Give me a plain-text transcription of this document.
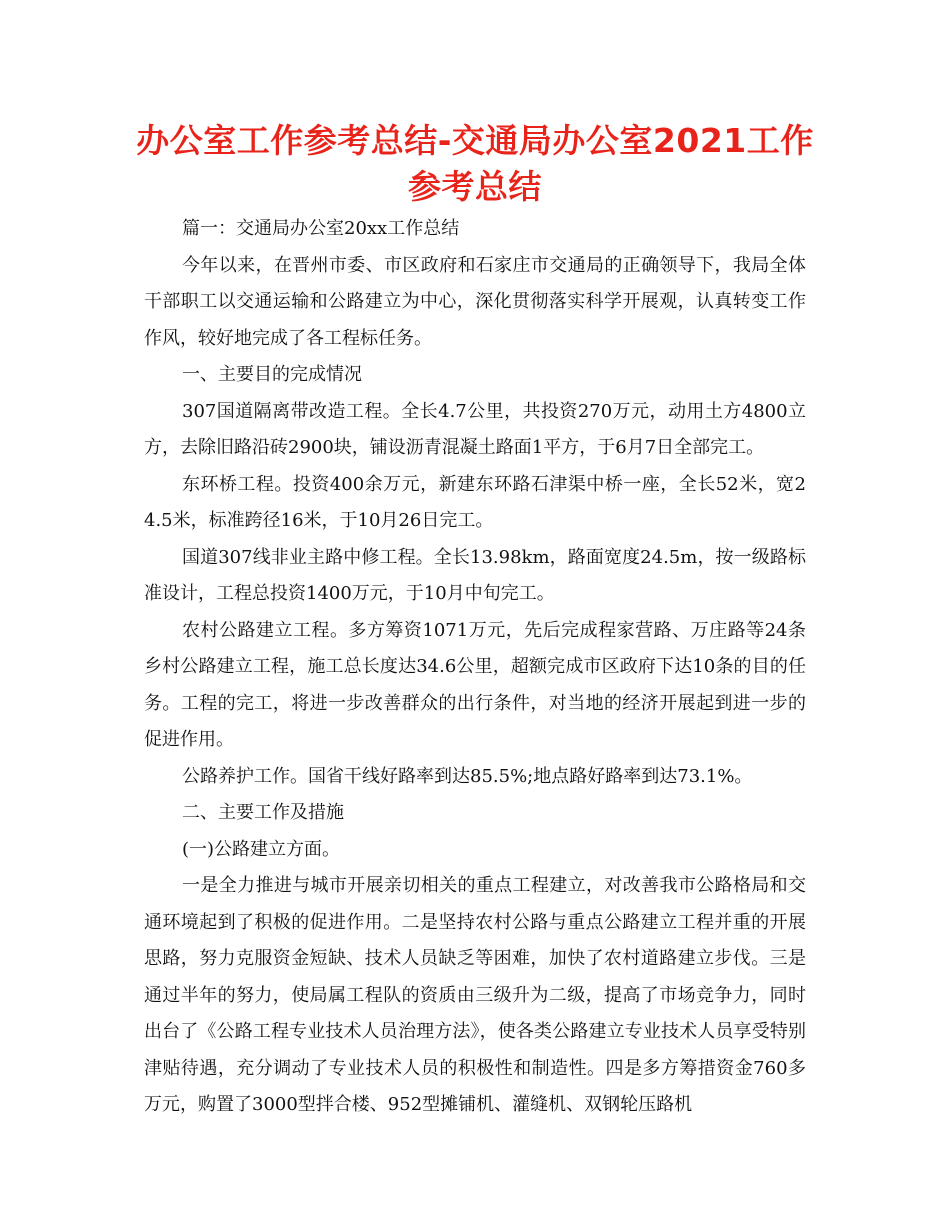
办公室工作参考总结-交通局办公室2021工作参考总结

篇一：交通局办公室20xx工作总结

今年以来，在晋州市委、市区政府和石家庄市交通局的正确领导下，我局全体干部职工以交通运输和公路建立为中心，深化贯彻落实科学开展观，认真转变工作作风，较好地完成了各工程标任务。

一、主要目的完成情况

307国道隔离带改造工程。全长4.7公里，共投资270万元，动用土方4800立方，去除旧路沿砖2900块，铺设沥青混凝土路面1平方，于6月7日全部完工。

东环桥工程。投资400余万元，新建东环路石津渠中桥一座，全长52米，宽24.5米，标准跨径16米，于10月26日完工。

国道307线非业主路中修工程。全长13.98km，路面宽度24.5m，按一级路标准设计，工程总投资1400万元，于10月中旬完工。

农村公路建立工程。多方筹资1071万元，先后完成程家营路、万庄路等24条乡村公路建立工程，施工总长度达34.6公里，超额完成市区政府下达10条的目的任务。工程的完工，将进一步改善群众的出行条件，对当地的经济开展起到进一步的促进作用。

公路养护工作。国省干线好路率到达85.5%;地点路好路率到达73.1%。

二、主要工作及措施

(一)公路建立方面。

一是全力推进与城市开展亲切相关的重点工程建立，对改善我市公路格局和交通环境起到了积极的促进作用。二是坚持农村公路与重点公路建立工程并重的开展思路，努力克服资金短缺、技术人员缺乏等困难，加快了农村道路建立步伐。三是通过半年的努力，使局属工程队的资质由三级升为二级，提高了市场竞争力，同时出台了《公路工程专业技术人员治理方法》，使各类公路建立专业技术人员享受特别津贴待遇，充分调动了专业技术人员的积极性和制造性。四是多方筹措资金760多万元，购置了3000型拌合楼、952型摊铺机、灌缝机、双钢轮压路机
